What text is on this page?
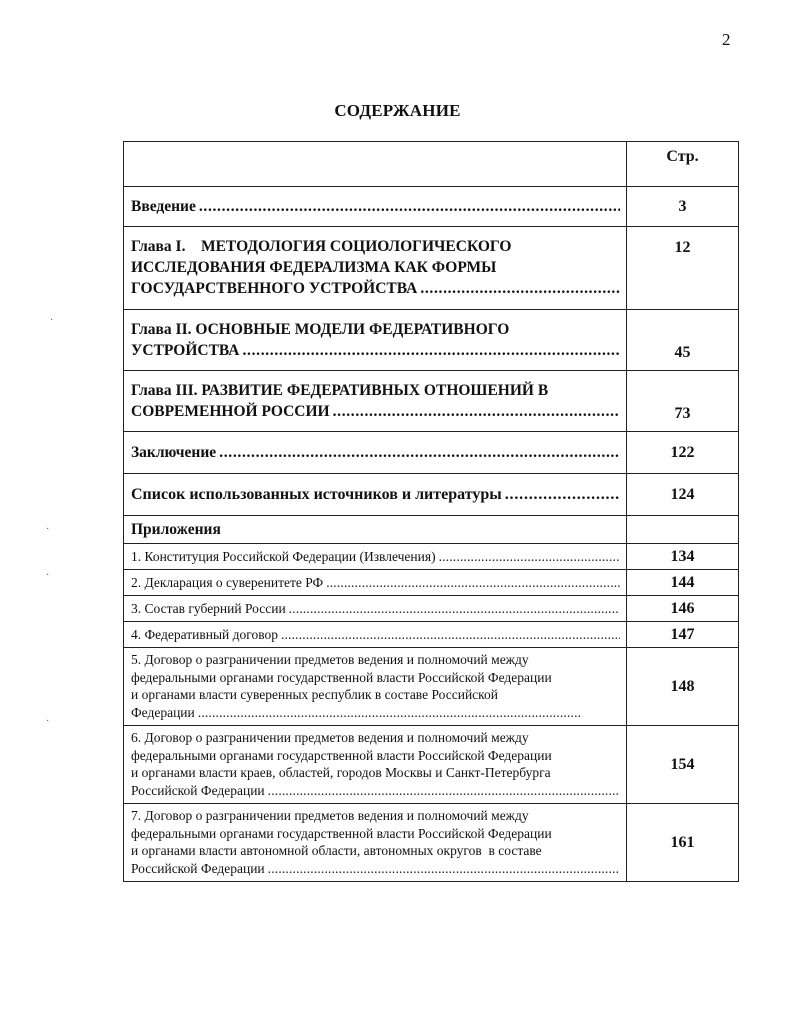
2
СОДЕРЖАНИЕ
·
·
·
·
	Стр.

Введение
. . .	3

Глава I.    МЕТОДОЛОГИЯ СОЦИОЛОГИЧЕСКОГО
ИССЛЕДОВАНИЯ ФЕДЕРАЛИЗМА КАК ФОРМЫ
ГОСУДАРСТВЕННОГО УСТРОЙСТВА
. . .	12

Глава II. ОСНОВНЫЕ МОДЕЛИ ФЕДЕРАТИВНОГО
УСТРОЙСТВА
. . .	45

Глава III. РАЗВИТИЕ ФЕДЕРАТИВНЫХ ОТНОШЕНИЙ В
СОВРЕМЕННОЙ РОССИИ
. . .	73

Заключение
. . .	122

Список использованных источников и литературы
. . .	124

Приложения	

1. Конституция Российской Федерации (Извлечения)
. . .	134

2. Декларация о суверенитете РФ
. . .	144

3. Состав губерний России
. . .	146

4. Федеративный договор
. . .	147

5. Договор о разграничении предметов ведения и полномочий между
федеральными органами государственной власти Российской Федерации
и органами власти суверенных республик в составе Российской
Федерации
. . .	148

6. Договор о разграничении предметов ведения и полномочий между
федеральными органами государственной власти Российской Федерации
и органами власти краев, областей, городов Москвы и Санкт-Петербурга
Российской Федерации
. . .	154

7. Договор о разграничении предметов ведения и полномочий между
федеральными органами государственной власти Российской Федерации
и органами власти автономной области, автономных округов  в составе
Российской Федерации
. . .	161
